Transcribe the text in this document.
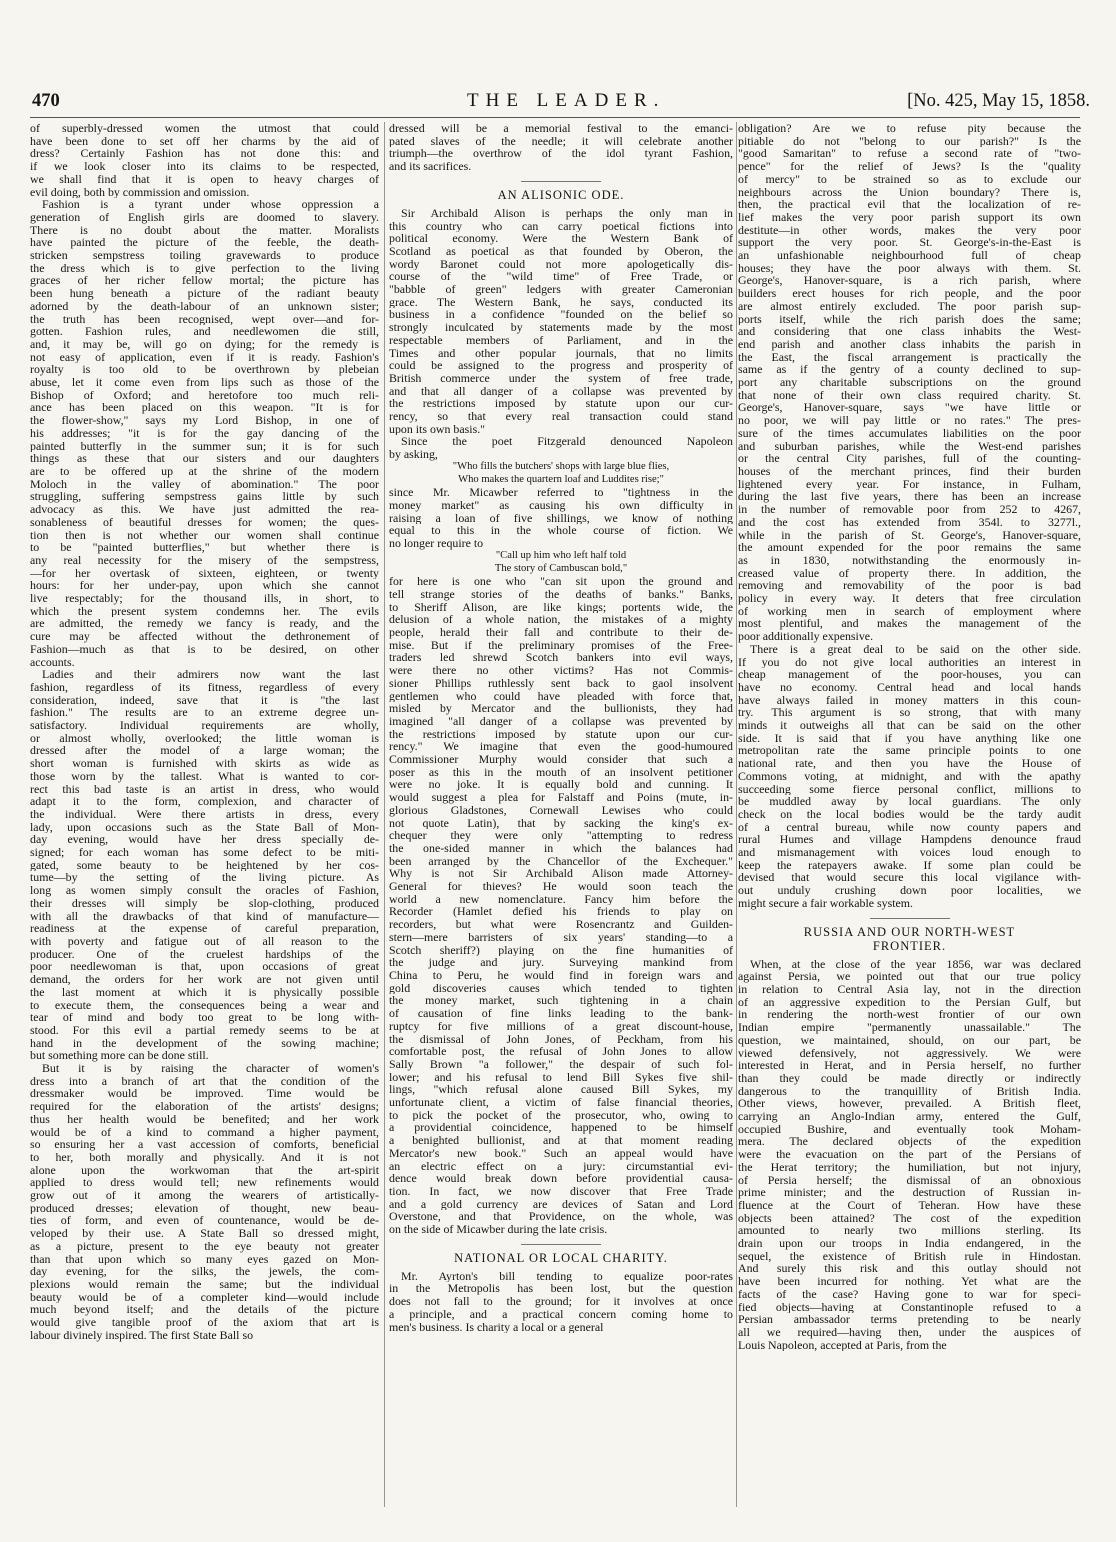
470	THE LEADER.	[No. 425, May 15, 1858.
of superbly-dressed women the utmost that could
have been done to set off her charms by the aid of
dress? Certainly Fashion has not done this: and
if we look closer into its claims to be respected,
we shall find that it is open to heavy charges of
evil doing, both by commission and omission.
Fashion is a tyrant under whose oppression a
generation of English girls are doomed to slavery.
There is no doubt about the matter. Moralists
have painted the picture of the feeble, the death-
stricken sempstress toiling gravewards to produce
the dress which is to give perfection to the living
graces of her richer fellow mortal; the picture has
been hung beneath a picture of the radiant beauty
adorned by the death-labour of an unknown sister;
the truth has been recognised, wept over—and for-
gotten. Fashion rules, and needlewomen die still,
and, it may be, will go on dying; for the remedy is
not easy of application, even if it is ready. Fashion's
royalty is too old to be overthrown by plebeian
abuse, let it come even from lips such as those of the
Bishop of Oxford; and heretofore too much reli-
ance has been placed on this weapon. "It is for
the flower-show," says my Lord Bishop, in one of
his addresses; "it is for the gay dancing of the
painted butterfly in the summer sun; it is for such
things as these that our sisters and our daughters
are to be offered up at the shrine of the modern
Moloch in the valley of abomination." The poor
struggling, suffering sempstress gains little by such
advocacy as this. We have just admitted the rea-
sonableness of beautiful dresses for women; the ques-
tion then is not whether our women shall continue
to be "painted butterflies," but whether there is
any real necessity for the misery of the sempstress,
—for her overtask of sixteen, eighteen, or twenty
hours: for her under-pay, upon which she cannot
live respectably; for the thousand ills, in short, to
which the present system condemns her. The evils
are admitted, the remedy we fancy is ready, and the
cure may be affected without the dethronement of
Fashion—much as that is to be desired, on other
accounts.
Ladies and their admirers now want the last
fashion, regardless of its fitness, regardless of every
consideration, indeed, save that it is "the last
fashion." The results are to an extreme degree un-
satisfactory. Individual requirements are wholly,
or almost wholly, overlooked; the little woman is
dressed after the model of a large woman; the
short woman is furnished with skirts as wide as
those worn by the tallest. What is wanted to cor-
rect this bad taste is an artist in dress, who would
adapt it to the form, complexion, and character of
the individual. Were there artists in dress, every
lady, upon occasions such as the State Ball of Mon-
day evening, would have her dress specially de-
signed; for each woman has some defect to be miti-
gated, some beauty to be heightened by her cos-
tume—by the setting of the living picture. As
long as women simply consult the oracles of Fashion,
their dresses will simply be slop-clothing, produced
with all the drawbacks of that kind of manufacture—
readiness at the expense of careful preparation,
with poverty and fatigue out of all reason to the
producer. One of the cruelest hardships of the
poor needlewoman is that, upon occasions of great
demand, the orders for her work are not given until
the last moment at which it is physically possible
to execute them, the consequences being a wear and
tear of mind and body too great to be long with-
stood. For this evil a partial remedy seems to be at
hand in the development of the sowing machine;
but something more can be done still.
But it is by raising the character of women's
dress into a branch of art that the condition of the
dressmaker would be improved. Time would be
required for the elaboration of the artists' designs;
thus her health would be benefited; and her work
would be of a kind to command a higher payment,
so ensuring her a vast accession of comforts, beneficial
to her, both morally and physically. And it is not
alone upon the workwoman that the art-spirit
applied to dress would tell; new refinements would
grow out of it among the wearers of artistically-
produced dresses; elevation of thought, new beau-
ties of form, and even of countenance, would be de-
veloped by their use. A State Ball so dressed might,
as a picture, present to the eye beauty not greater
than that upon which so many eyes gazed on Mon-
day evening, for the silks, the jewels, the com-
plexions would remain the same; but the individual
beauty would be of a completer kind—would include
much beyond itself; and the details of the picture
would give tangible proof of the axiom that art is
labour divinely inspired. The first State Ball so
dressed will be a memorial festival to the emanci-
pated slaves of the needle; it will celebrate another
triumph—the overthrow of the idol tyrant Fashion,
and its sacrifices.
AN ALISONIC ODE.
Sir Archibald Alison is perhaps the only man in
this country who can carry poetical fictions into
political economy. Were the Western Bank of
Scotland as poetical as that founded by Oberon, the
wordy Baronet could not more apologetically dis-
course of the "wild time" of Free Trade, or
"babble of green" ledgers with greater Cameronian
grace. The Western Bank, he says, conducted its
business in a confidence "founded on the belief so
strongly inculcated by statements made by the most
respectable members of Parliament, and in the
Times and other popular journals, that no limits
could be assigned to the progress and prosperity of
British commerce under the system of free trade,
and that all danger of a collapse was prevented by
the restrictions imposed by statute upon our cur-
rency, so that every real transaction could stand
upon its own basis."
Since the poet Fitzgerald denounced Napoleon
by asking,
"Who fills the butchers' shops with large blue flies,
Who makes the quartern loaf and Luddites rise;"
since Mr. Micawber referred to "tightness in the
money market" as causing his own difficulty in
raising a loan of five shillings, we know of nothing
equal to this in the whole course of fiction. We
no longer require to
"Call up him who left half told
The story of Cambuscan bold,"
for here is one who "can sit upon the ground and
tell strange stories of the deaths of banks." Banks,
to Sheriff Alison, are like kings; portents wide, the
delusion of a whole nation, the mistakes of a mighty
people, herald their fall and contribute to their de-
mise. But if the preliminary promises of the Free-
traders led shrewd Scotch bankers into evil ways,
were there no other victims? Has not Commis-
sioner Phillips ruthlessly sent back to gaol insolvent
gentlemen who could have pleaded with force that,
misled by Mercator and the bullionists, they had
imagined "all danger of a collapse was prevented by
the restrictions imposed by statute upon our cur-
rency." We imagine that even the good-humoured
Commissioner Murphy would consider that such a
poser as this in the mouth of an insolvent petitioner
were no joke. It is equally bold and cunning. It
would suggest a plea for Falstaff and Poins (mute, in-
glorious Gladstones, Cornewall Lewises who could
not quote Latin), that by sacking the king's ex-
chequer they were only "attempting to redress
the one-sided manner in which the balances had
been arranged by the Chancellor of the Exchequer."
Why is not Sir Archibald Alison made Attorney-
General for thieves? He would soon teach the
world a new nomenclature. Fancy him before the
Recorder (Hamlet defied his friends to play on
recorders, but what were Rosencrantz and Guilden-
stern—mere barristers of six years' standing—to a
Scotch sheriff?) playing on the fine humanities of
the judge and jury. Surveying mankind from
China to Peru, he would find in foreign wars and
gold discoveries causes which tended to tighten
the money market, such tightening in a chain
of causation of fine links leading to the bank-
ruptcy for five millions of a great discount-house,
the dismissal of John Jones, of Peckham, from his
comfortable post, the refusal of John Jones to allow
Sally Brown "a follower," the despair of such fol-
lower; and his refusal to lend Bill Sykes five shil-
lings, "which refusal alone caused Bill Sykes, my
unfortunate client, a victim of false financial theories,
to pick the pocket of the prosecutor, who, owing to
a providential coincidence, happened to be himself
a benighted bullionist, and at that moment reading
Mercator's new book." Such an appeal would have
an electric effect on a jury: circumstantial evi-
dence would break down before providential causa-
tion. In fact, we now discover that Free Trade
and a gold currency are devices of Satan and Lord
Overstone, and that Providence, on the whole, was
on the side of Micawber during the late crisis.
NATIONAL OR LOCAL CHARITY.
Mr. Ayrton's bill tending to equalize poor-rates
in the Metropolis has been lost, but the question
does not fall to the ground; for it involves at once
a principle, and a practical concern coming home to
men's business. Is charity a local or a general
obligation? Are we to refuse pity because the
pitiable do not "belong to our parish?" Is the
"good Samaritan" to refuse a second rate of "two-
pence" for the relief of Jews? Is the "quality
of mercy" to be strained so as to exclude our
neighbours across the Union boundary? There is,
then, the practical evil that the localization of re-
lief makes the very poor parish support its own
destitute—in other words, makes the very poor
support the very poor. St. George's-in-the-East is
an unfashionable neighbourhood full of cheap
houses; they have the poor always with them. St.
George's, Hanover-square, is a rich parish, where
builders erect houses for rich people, and the poor
are almost entirely excluded. The poor parish sup-
ports itself, while the rich parish does the same;
and considering that one class inhabits the West-
end parish and another class inhabits the parish in
the East, the fiscal arrangement is practically the
same as if the gentry of a county declined to sup-
port any charitable subscriptions on the ground
that none of their own class required charity. St.
George's, Hanover-square, says "we have little or
no poor, we will pay little or no rates." The pres-
sure of the times accumulates liabilities on the poor
and suburban parishes, while the West-end parishes
or the central City parishes, full of the counting-
houses of the merchant princes, find their burden
lightened every year. For instance, in Fulham,
during the last five years, there has been an increase
in the number of removable poor from 252 to 4267,
and the cost has extended from 354l. to 3277l.,
while in the parish of St. George's, Hanover-square,
the amount expended for the poor remains the same
as in 1830, notwithstanding the enormously in-
creased value of property there. In addition, the
removing and removability of the poor is bad
policy in every way. It deters that free circulation
of working men in search of employment where
most plentiful, and makes the management of the
poor additionally expensive.
There is a great deal to be said on the other side.
If you do not give local authorities an interest in
cheap management of the poor-houses, you can
have no economy. Central head and local hands
have always failed in money matters in this coun-
try. This argument is so strong, that with many
minds it outweighs all that can be said on the other
side. It is said that if you have anything like one
metropolitan rate the same principle points to one
national rate, and then you have the House of
Commons voting, at midnight, and with the apathy
succeeding some fierce personal conflict, millions to
be muddled away by local guardians. The only
check on the local bodies would be the tardy audit
of a central bureau, while now county papers and
rural Humes and village Hampdens denounce fraud
and mismanagement with voices loud enough to
keep the ratepayers awake. If some plan could be
devised that would secure this local vigilance with-
out unduly crushing down poor localities, we
might secure a fair workable system.
RUSSIA AND OUR NORTH-WEST
FRONTIER.
When, at the close of the year 1856, war was declared
against Persia, we pointed out that our true policy
in relation to Central Asia lay, not in the direction
of an aggressive expedition to the Persian Gulf, but
in rendering the north-west frontier of our own
Indian empire "permanently unassailable." The
question, we maintained, should, on our part, be
viewed defensively, not aggressively. We were
interested in Herat, and in Persia herself, no further
than they could be made directly or indirectly
dangerous to the tranquillity of British India.
Other views, however, prevailed. A British fleet,
carrying an Anglo-Indian army, entered the Gulf,
occupied Bushire, and eventually took Moham-
mera. The declared objects of the expedition
were the evacuation on the part of the Persians of
the Herat territory; the humiliation, but not injury,
of Persia herself; the dismissal of an obnoxious
prime minister; and the destruction of Russian in-
fluence at the Court of Teheran. How have these
objects been attained? The cost of the expedition
amounted to nearly two millions sterling. Its
drain upon our troops in India endangered, in the
sequel, the existence of British rule in Hindostan.
And surely this risk and this outlay should not
have been incurred for nothing. Yet what are the
facts of the case? Having gone to war for speci-
fied objects—having at Constantinople refused to a
Persian ambassador terms pretending to be nearly
all we required—having then, under the auspices of
Louis Napoleon, accepted at Paris, from the
